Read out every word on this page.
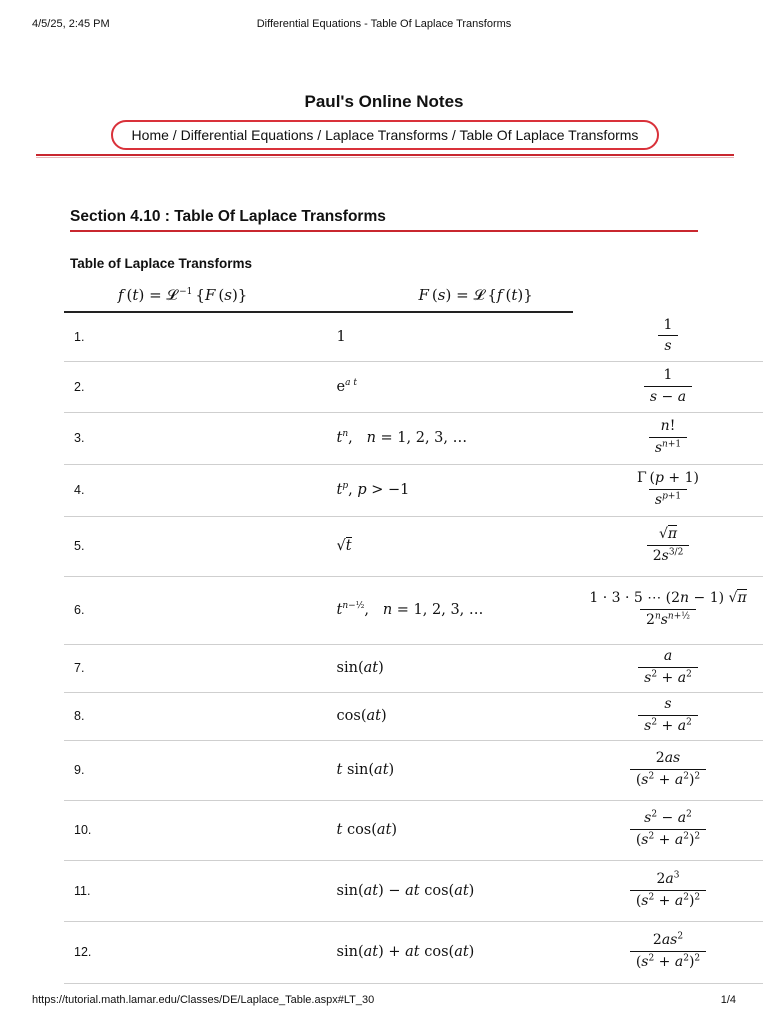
4/5/25, 2:45 PM	Differential Equations - Table Of Laplace Transforms
Paul's Online Notes
Home / Differential Equations / Laplace Transforms / Table Of Laplace Transforms
Section 4.10 : Table Of Laplace Transforms
Table of Laplace Transforms
f (t) = 𝓛 $^{-1}$ {F (s)}	F (s) = 𝓛 {f (t)}	
1.	1	$\frac{1}{s}$

2.	$e^{a t}$	$\frac{1}{s - a}$

3.	$t^n$,   n = 1, 2, 3, …	$\frac{n!}{s^{n+1}}$

4.	$t^p$, p > −1	$\frac{\Gamma (p + 1)}{s^{p+1}}$

5.	√t	$\frac{√\pi}{2s^{3/2}}$

6.	$t^{n-\frac{1}{2}}$,   n = 1, 2, 3, …	$\frac{1 \cdot 3 \cdot 5 \cdots (2n - 1) √\pi}{2^ns^{n+\frac{1}{2}}}$

7.	sin(at)	$\frac{a}{s^2 + a^2}$

8.	cos(at)	$\frac{s}{s^2 + a^2}$

9.	t sin(at)	$\frac{2as}{(s^2 + a^2)^2}$

10.	t cos(at)	$\frac{s^2 - a^2}{(s^2 + a^2)^2}$

11.	sin(at) − at cos(at)	$\frac{2a^3}{(s^2 + a^2)^2}$

12.	sin(at) + at cos(at)	$\frac{2as^2}{(s^2 + a^2)^2}$
https://tutorial.math.lamar.edu/Classes/DE/Laplace_Table.aspx#LT_30	1/4
